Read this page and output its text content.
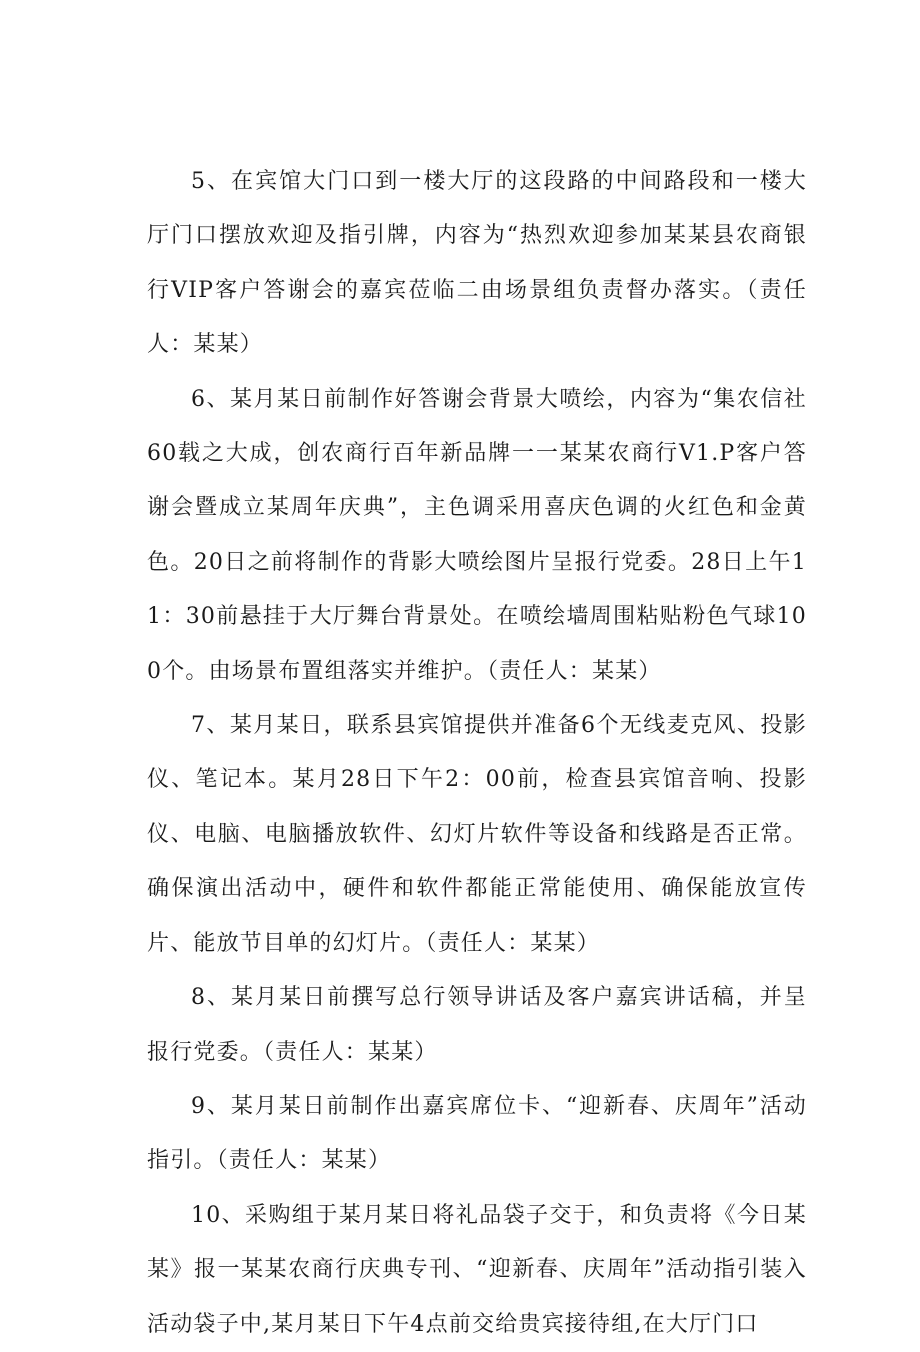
5、在宾馆大门口到一楼大厅的这段路的中间路段和一楼大厅门口摆放欢迎及指引牌，内容为“热烈欢迎参加某某县农商银行VIP客户答谢会的嘉宾莅临二由场景组负责督办落实。（责任人：某某）

6、某月某日前制作好答谢会背景大喷绘，内容为“集农信社60载之大成，创农商行百年新品牌一一某某农商行V1.P客户答谢会暨成立某周年庆典”，主色调采用喜庆色调的火红色和金黄色。20日之前将制作的背影大喷绘图片呈报行党委。28日上午11：30前悬挂于大厅舞台背景处。在喷绘墙周围粘贴粉色气球100个。由场景布置组落实并维护。（责任人：某某）

7、某月某日，联系县宾馆提供并准备6个无线麦克风、投影仪、笔记本。某月28日下午2：00前，检查县宾馆音响、投影仪、电脑、电脑播放软件、幻灯片软件等设备和线路是否正常。确保演出活动中，硬件和软件都能正常能使用、确保能放宣传片、能放节目单的幻灯片。（责任人：某某）

8、某月某日前撰写总行领导讲话及客户嘉宾讲话稿，并呈报行党委。（责任人：某某）

9、某月某日前制作出嘉宾席位卡、“迎新春、庆周年”活动指引。（责任人：某某）

10、采购组于某月某日将礼品袋子交于，和负责将《今日某某》报一某某农商行庆典专刊、“迎新春、庆周年”活动指引装入活动袋子中,某月某日下午4点前交给贵宾接待组,在大厅门口
